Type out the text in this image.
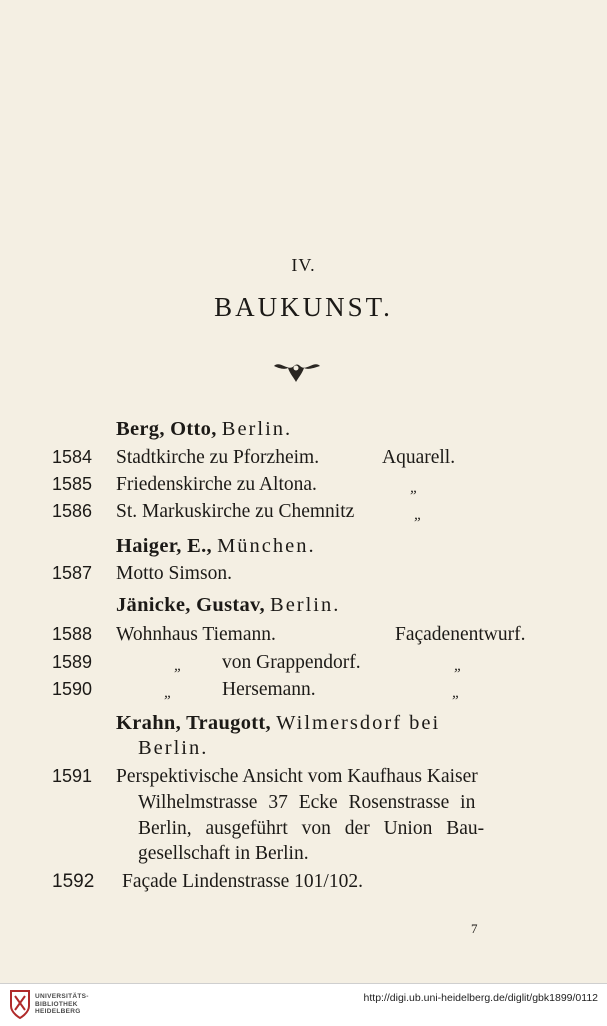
IV.
BAUKUNST.
Berg, Otto, Berlin.
1584	Stadtkirche zu Pforzheim.	Aquarell.
1585	Friedenskirche zu Altona.	„
1586	St. Markuskirche zu Chemnitz	„
Haiger, E., München.
1587	Motto Simson.
Jänicke, Gustav, Berlin.
1588	Wohnhaus Tiemann.	Façadenentwurf.
1589	„ von Grappendorf.	„
1590	„	Hersemann.	„
Krahn, Traugott, Wilmersdorf bei
Berlin.
1591	Perspektivische Ansicht vom Kaufhaus Kaiser
Wilhelmstrasse 37 Ecke Rosenstrasse in
Berlin, ausgeführt von der Union Bau-
gesellschaft in Berlin.
1592	Façade Lindenstrasse 101/102.
7
UNIVERSITÄTS-
BIBLIOTHEK
HEIDELBERG
http://digi.ub.uni-heidelberg.de/diglit/gbk1899/0112
